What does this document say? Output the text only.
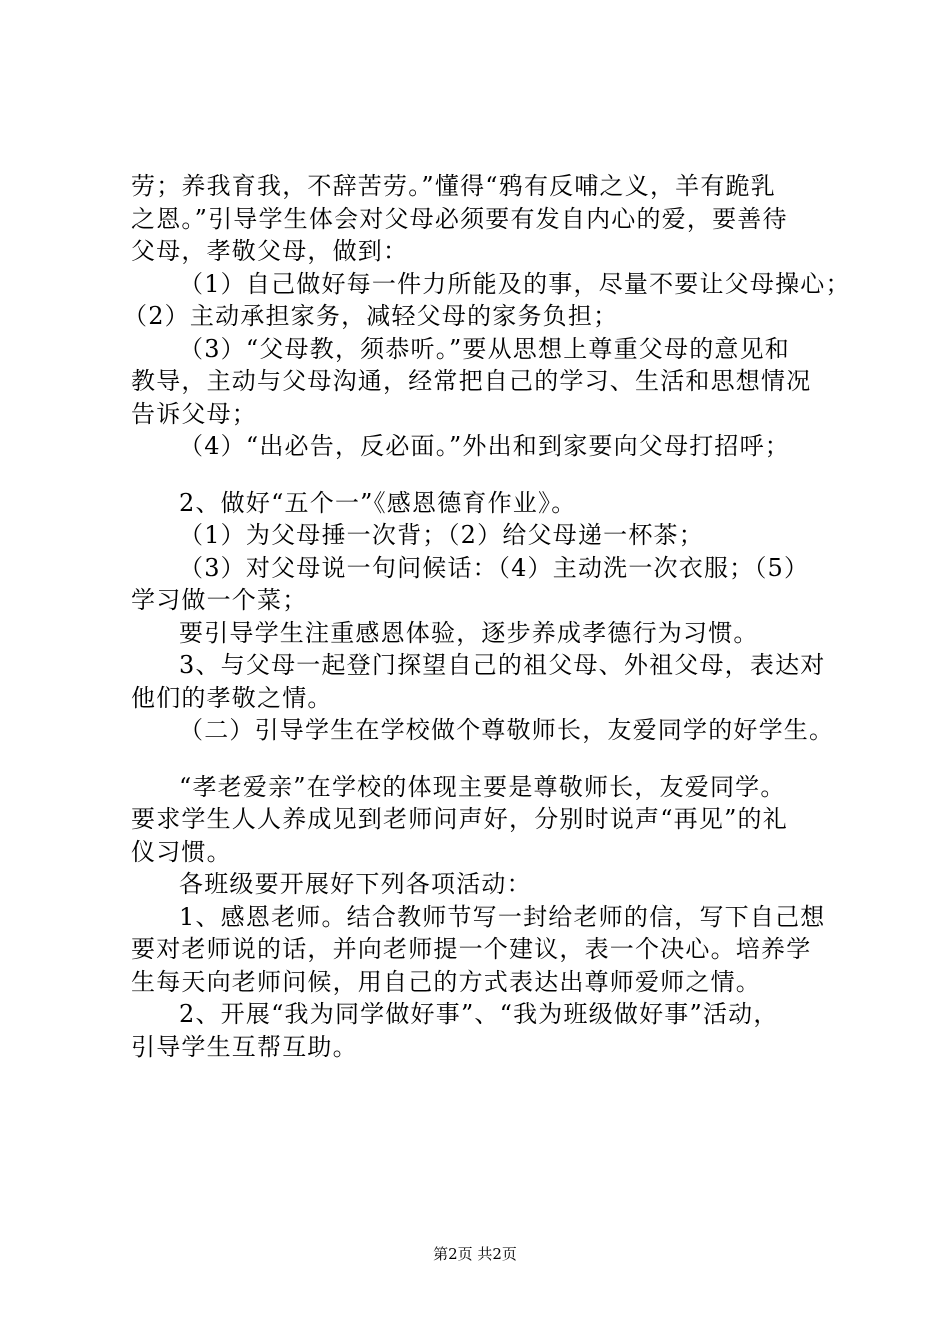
劳；养我育我，不辞苦劳。”懂得“鸦有反哺之义，羊有跪乳
之恩。”引导学生体会对父母必须要有发自内心的爱，要善待
父母，孝敬父母，做到：
（1）自己做好每一件力所能及的事，尽量不要让父母操心；
（2）主动承担家务，减轻父母的家务负担；
（3）“父母教，须恭听。”要从思想上尊重父母的意见和
教导，主动与父母沟通，经常把自己的学习、生活和思想情况
告诉父母；
（4）“出必告，反必面。”外出和到家要向父母打招呼；
2、做好“五个一”《感恩德育作业》。
（1）为父母捶一次背；（2）给父母递一杯茶；
（3）对父母说一句问候话：（4）主动洗一次衣服；（5）
学习做一个菜；
要引导学生注重感恩体验，逐步养成孝德行为习惯。
3、与父母一起登门探望自己的祖父母、外祖父母，表达对
他们的孝敬之情。
（二）引导学生在学校做个尊敬师长，友爱同学的好学生。
“孝老爱亲”在学校的体现主要是尊敬师长，友爱同学。
要求学生人人养成见到老师问声好，分别时说声“再见”的礼
仪习惯。
各班级要开展好下列各项活动：
1、感恩老师。结合教师节写一封给老师的信，写下自己想
要对老师说的话，并向老师提一个建议，表一个决心。培养学
生每天向老师问候，用自己的方式表达出尊师爱师之情。
2、开展“我为同学做好事”、“我为班级做好事”活动，
引导学生互帮互助。
第2页 共2页
